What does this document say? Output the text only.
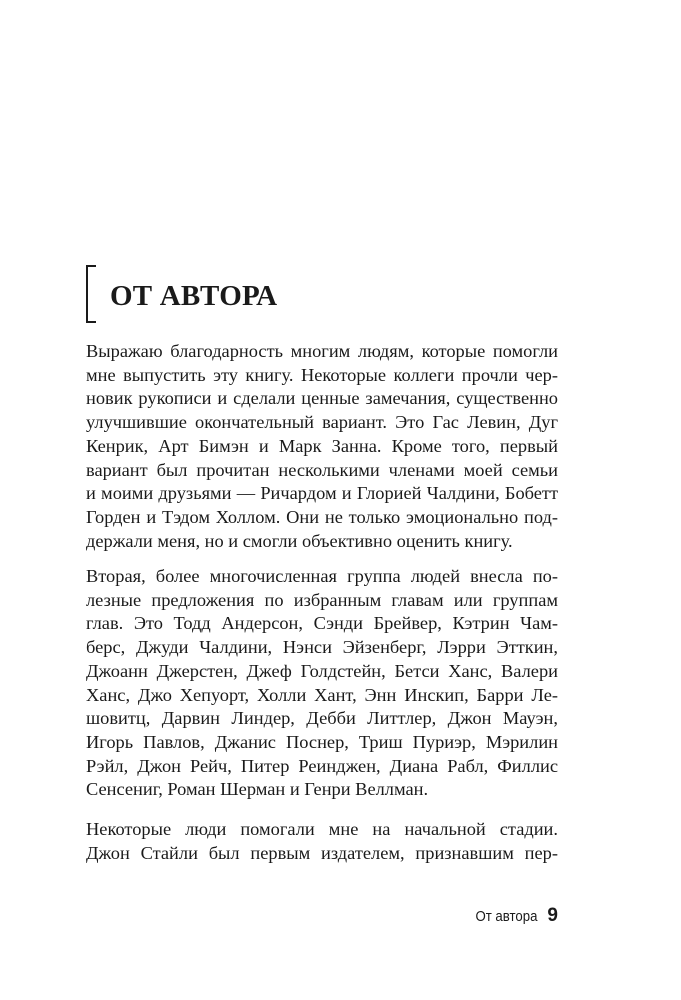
ОТ АВТОРА
Выражаю благодарность многим людям, которые помогли
мне выпустить эту книгу. Некоторые коллеги прочли чер-
новик рукописи и сделали ценные замечания, существенно
улучшившие окончательный вариант. Это Гас Левин, Дуг
Кенрик, Арт Бимэн и Марк Занна. Кроме того, первый
вариант был прочитан несколькими членами моей семьи
и моими друзьями — Ричардом и Глорией Чалдини, Бобетт
Горден и Тэдом Холлом. Они не только эмоционально под-
держали меня, но и смогли объективно оценить книгу.
Вторая, более многочисленная группа людей внесла по-
лезные предложения по избранным главам или группам
глав. Это Тодд Андерсон, Сэнди Брейвер, Кэтрин Чам-
берс, Джуди Чалдини, Нэнси Эйзенберг, Лэрри Этткин,
Джоанн Джерстен, Джеф Голдстейн, Бетси Ханс, Валери
Ханс, Джо Хепуорт, Холли Хант, Энн Инскип, Барри Ле-
шовитц, Дарвин Линдер, Дебби Литтлер, Джон Мауэн,
Игорь Павлов, Джанис Поснер, Триш Пуриэр, Мэрилин
Рэйл, Джон Рейч, Питер Реинджен, Диана Рабл, Филлис
Сенсениг, Роман Шерман и Генри Веллман.
Некоторые люди помогали мне на начальной стадии.
Джон Стайли был первым издателем, признавшим пер-
От автора 9
